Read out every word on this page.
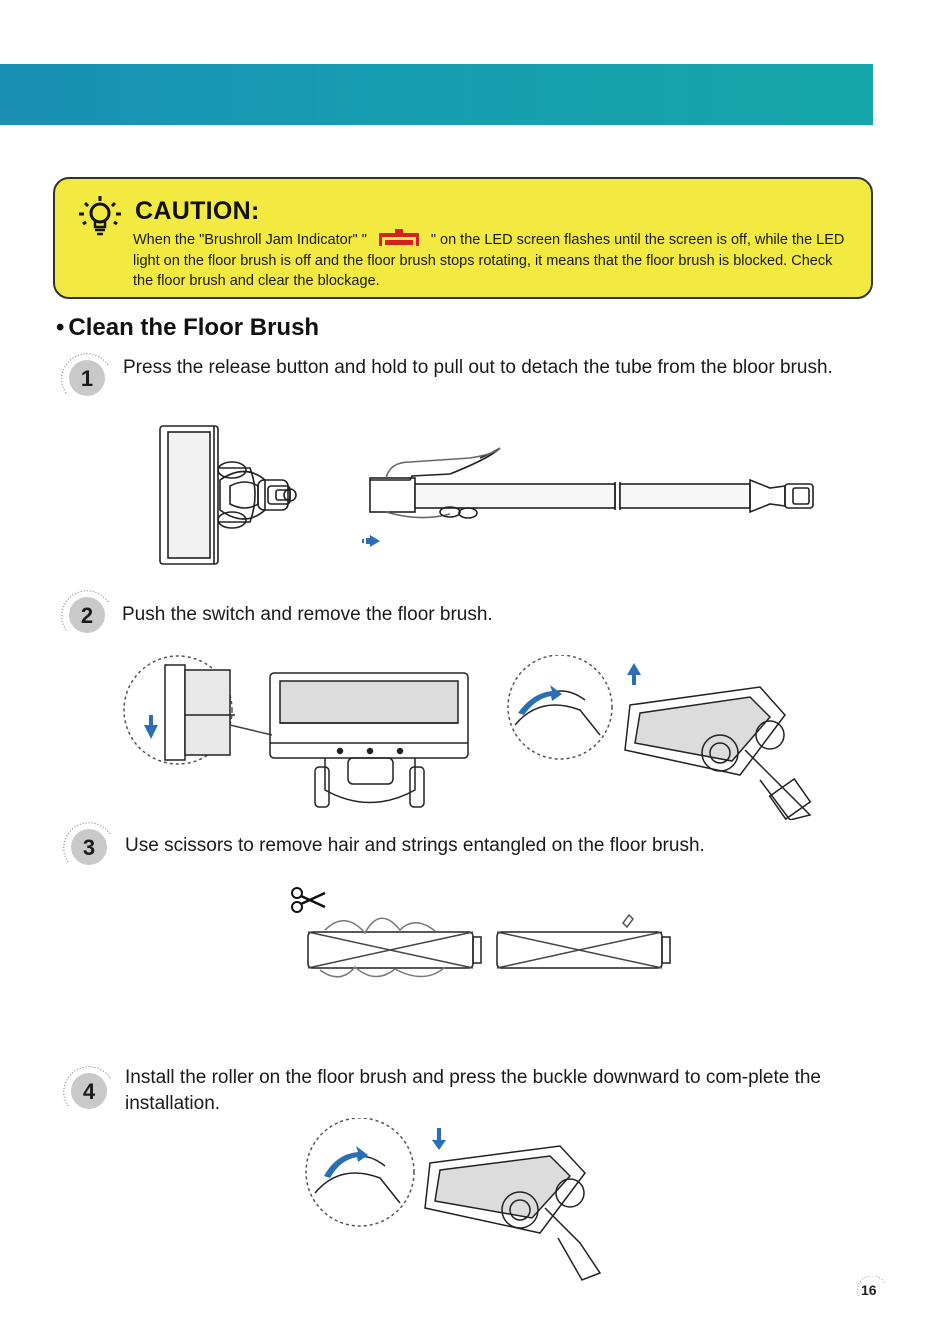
CAUTION:
When the "Brushroll Jam Indicator" "	" on the LED screen flashes until the screen is off, while the LED light on the floor brush is off and the floor brush stops rotating, it means that the floor brush is blocked. Check the floor brush and clear the blockage.
• Clean the Floor Brush
1
2
3
4
Press the release button and hold to pull out to detach the tube from the bloor brush.
Push the switch and remove the floor brush.
Use scissors to remove hair and strings entangled on the floor brush.
Install the roller on the floor brush and press the buckle downward to com-plete the installation.
16
